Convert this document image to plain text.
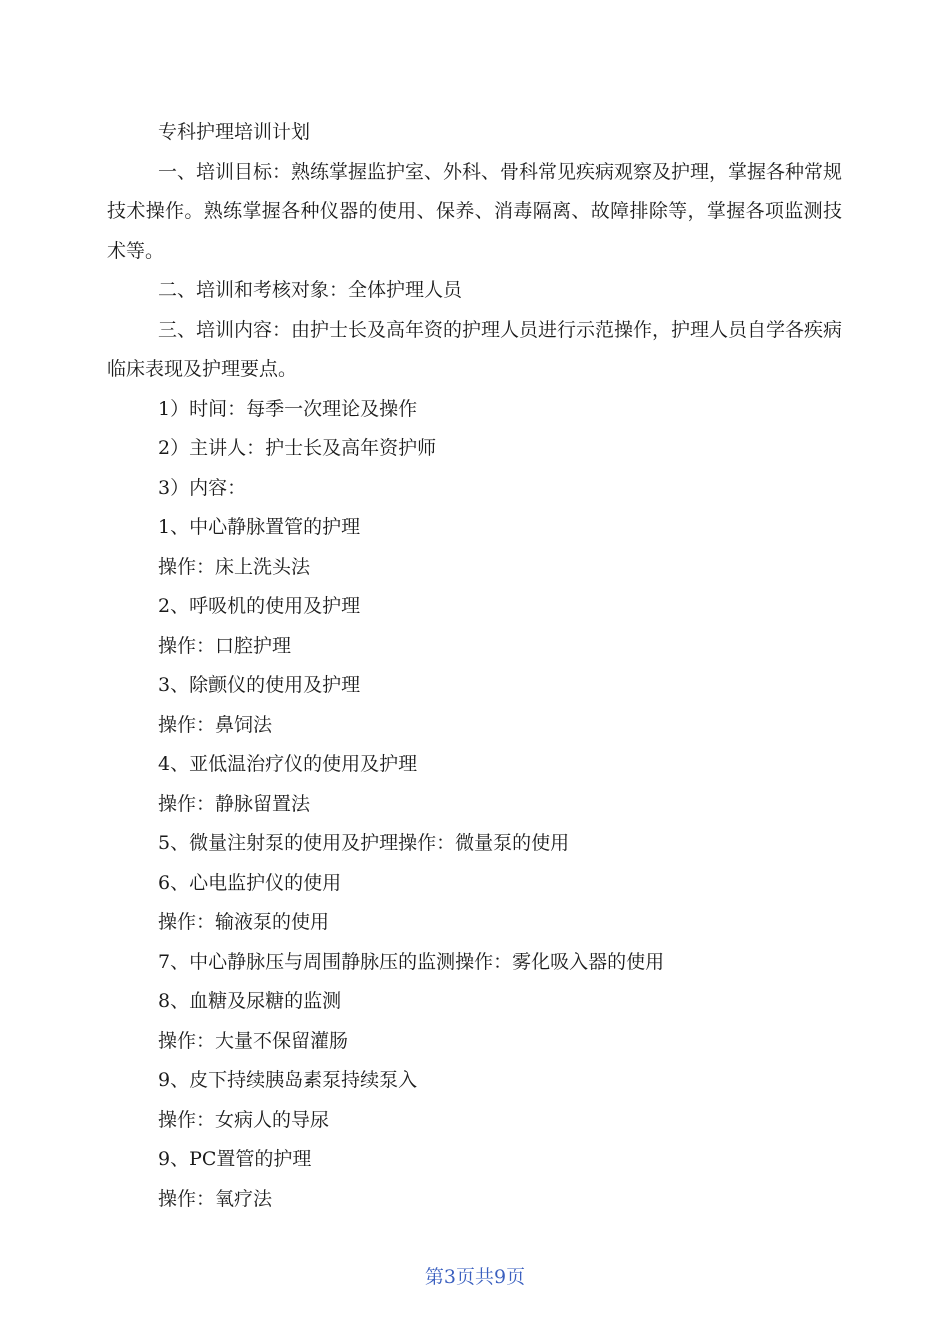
专科护理培训计划

一、培训目标：熟练掌握监护室、外科、骨科常见疾病观察及护理，掌握各种常规技术操作。熟练掌握各种仪器的使用、保养、消毒隔离、故障排除等，掌握各项监测技术等。

二、培训和考核对象：全体护理人员

三、培训内容：由护士长及高年资的护理人员进行示范操作，护理人员自学各疾病临床表现及护理要点。

1）时间：每季一次理论及操作

2）主讲人：护士长及高年资护师

3）内容：

1、中心静脉置管的护理

操作：床上洗头法

2、呼吸机的使用及护理

操作：口腔护理

3、除颤仪的使用及护理

操作：鼻饲法

4、亚低温治疗仪的使用及护理

操作：静脉留置法

5、微量注射泵的使用及护理操作：微量泵的使用

6、心电监护仪的使用

操作：输液泵的使用

7、中心静脉压与周围静脉压的监测操作：雾化吸入器的使用

8、血糖及尿糖的监测

操作：大量不保留灌肠

9、皮下持续胰岛素泵持续泵入

操作：女病人的导尿

9、PC置管的护理

操作：氧疗法

第3页共9页
